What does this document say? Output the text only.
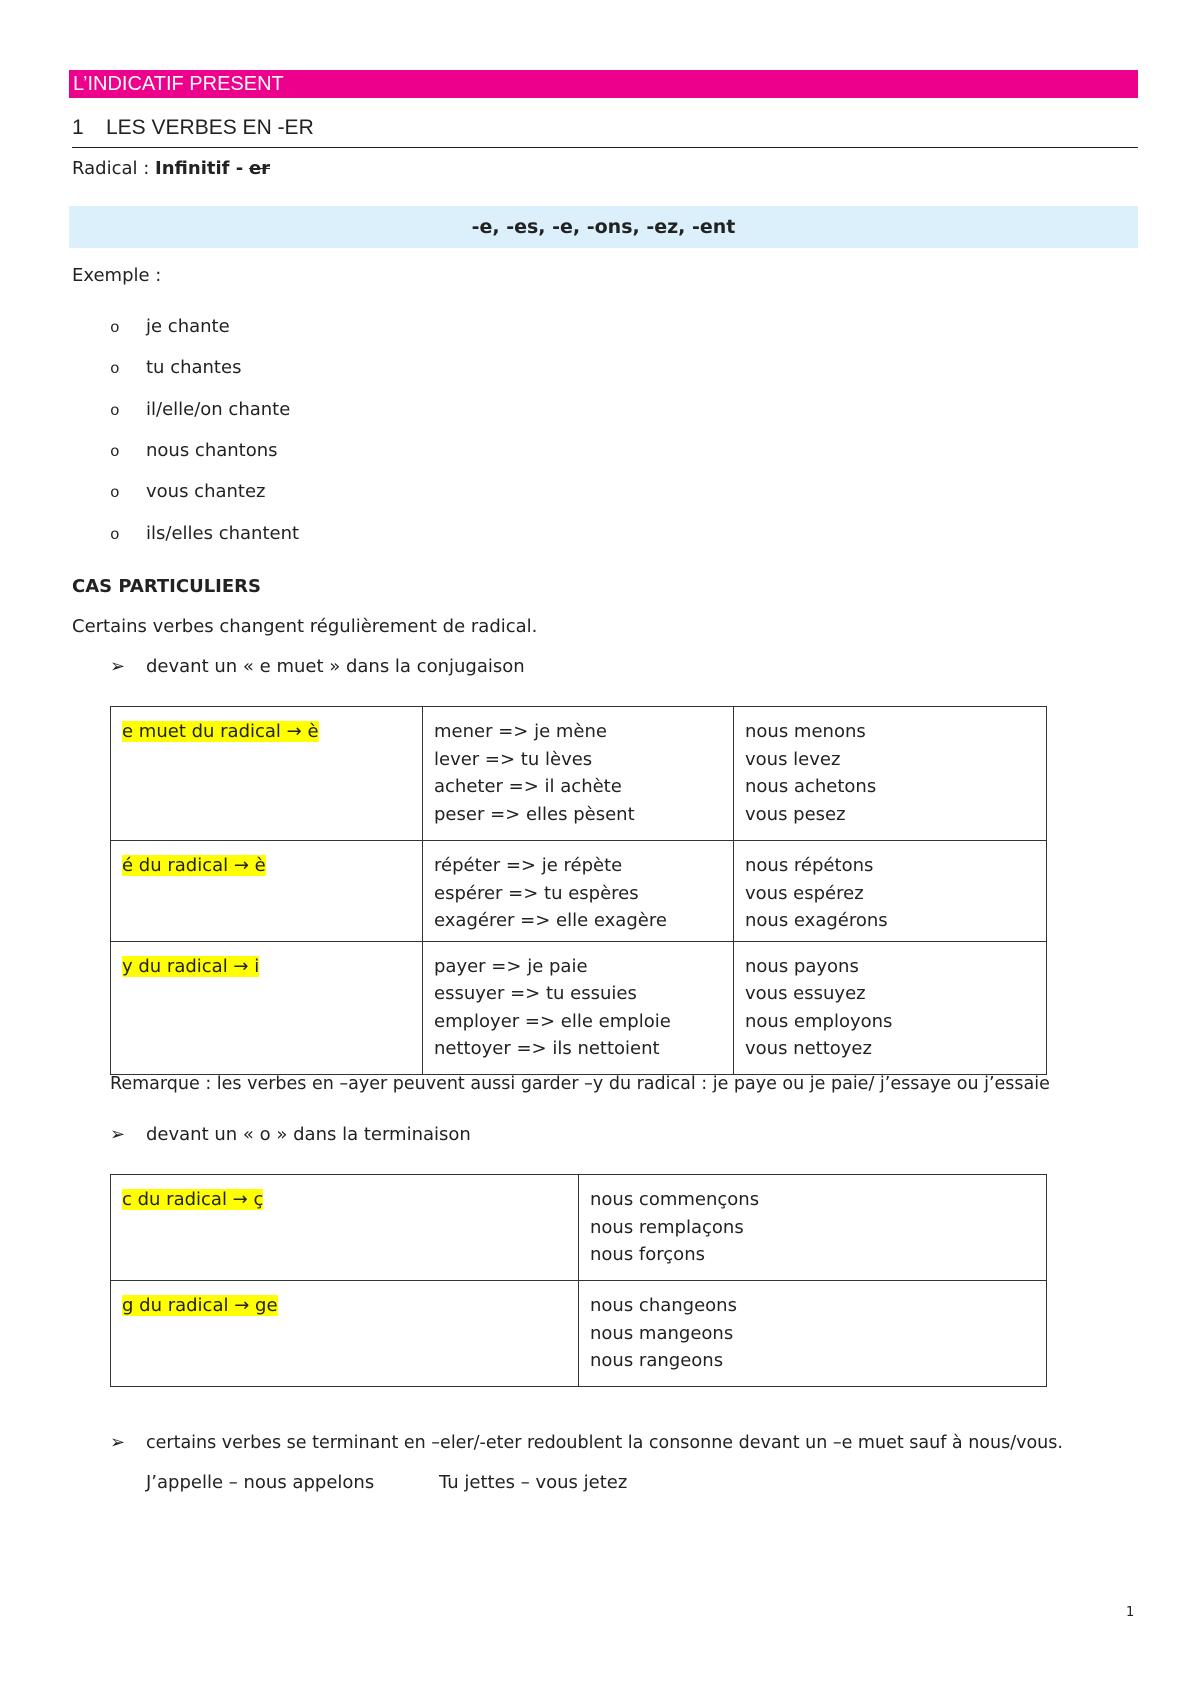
L’INDICATIF PRESENT
1 LES VERBES EN -ER
Radical : Infinitif - er
-e, -es, -e, -ons, -ez, -ent
Exemple :
o je chante
o tu chantes
o il/elle/on chante
o nous chantons
o vous chantez
o ils/elles chantent
CAS PARTICULIERS
Certains verbes changent régulièrement de radical.
➢ devant un « e muet » dans la conjugaison
e muet du radical → è	mener => je mène
lever => tu lèves
acheter => il achète
peser => elles pèsent	nous menons
vous levez
nous achetons
vous pesez

é du radical → è	répéter => je répète
espérer => tu espères
exagérer => elle exagère	nous répétons
vous espérez
nous exagérons

y du radical → i	payer => je paie
essuyer => tu essuies
employer => elle emploie
nettoyer => ils nettoient	nous payons
vous essuyez
nous employons
vous nettoyez
Remarque : les verbes en –ayer peuvent aussi garder –y du radical : je paye ou je paie/ j’essaye ou j’essaie
➢ devant un « o » dans la terminaison
c du radical → ç	nous commençons
nous remplaçons
nous forçons

g du radical → ge	nous changeons
nous mangeons
nous rangeons
➢ certains verbes se terminant en –eler/-eter redoublent la consonne devant un –e muet sauf à nous/vous.
J’appelle – nous appelons	Tu jettes – vous jetez
1
